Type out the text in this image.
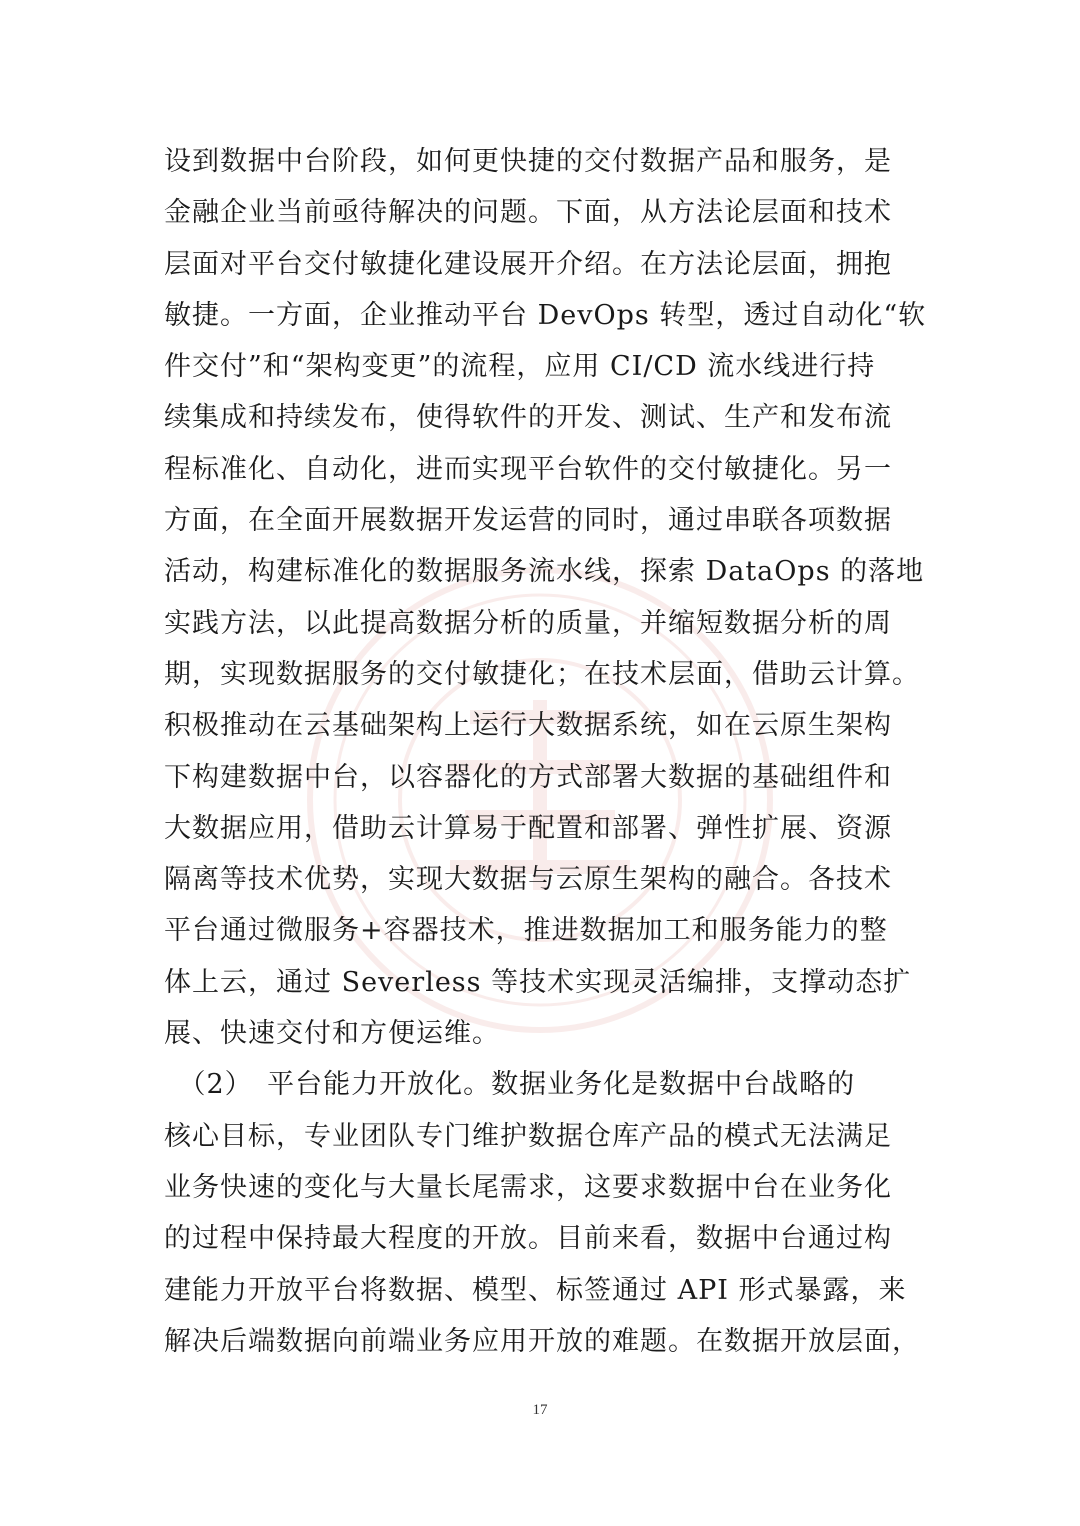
设到数据中台阶段，如何更快捷的交付数据产品和服务，是
金融企业当前亟待解决的问题。下面，从方法论层面和技术
层面对平台交付敏捷化建设展开介绍。在方法论层面，拥抱
敏捷。一方面，企业推动平台 DevOps 转型，透过自动化“软
件交付”和“架构变更”的流程，应用 CI/CD 流水线进行持
续集成和持续发布，使得软件的开发、测试、生产和发布流
程标准化、自动化，进而实现平台软件的交付敏捷化。另一
方面，在全面开展数据开发运营的同时，通过串联各项数据
活动，构建标准化的数据服务流水线，探索 DataOps 的落地
实践方法，以此提高数据分析的质量，并缩短数据分析的周
期，实现数据服务的交付敏捷化；在技术层面，借助云计算。
积极推动在云基础架构上运行大数据系统，如在云原生架构
下构建数据中台，以容器化的方式部署大数据的基础组件和
大数据应用，借助云计算易于配置和部署、弹性扩展、资源
隔离等技术优势，实现大数据与云原生架构的融合。各技术
平台通过微服务+容器技术，推进数据加工和服务能力的整
体上云，通过 Severless 等技术实现灵活编排，支撑动态扩
展、快速交付和方便运维。
　（2）　平台能力开放化。数据业务化是数据中台战略的
核心目标，专业团队专门维护数据仓库产品的模式无法满足
业务快速的变化与大量长尾需求，这要求数据中台在业务化
的过程中保持最大程度的开放。目前来看，数据中台通过构
建能力开放平台将数据、模型、标签通过 API 形式暴露，来
解决后端数据向前端业务应用开放的难题。在数据开放层面，
17
